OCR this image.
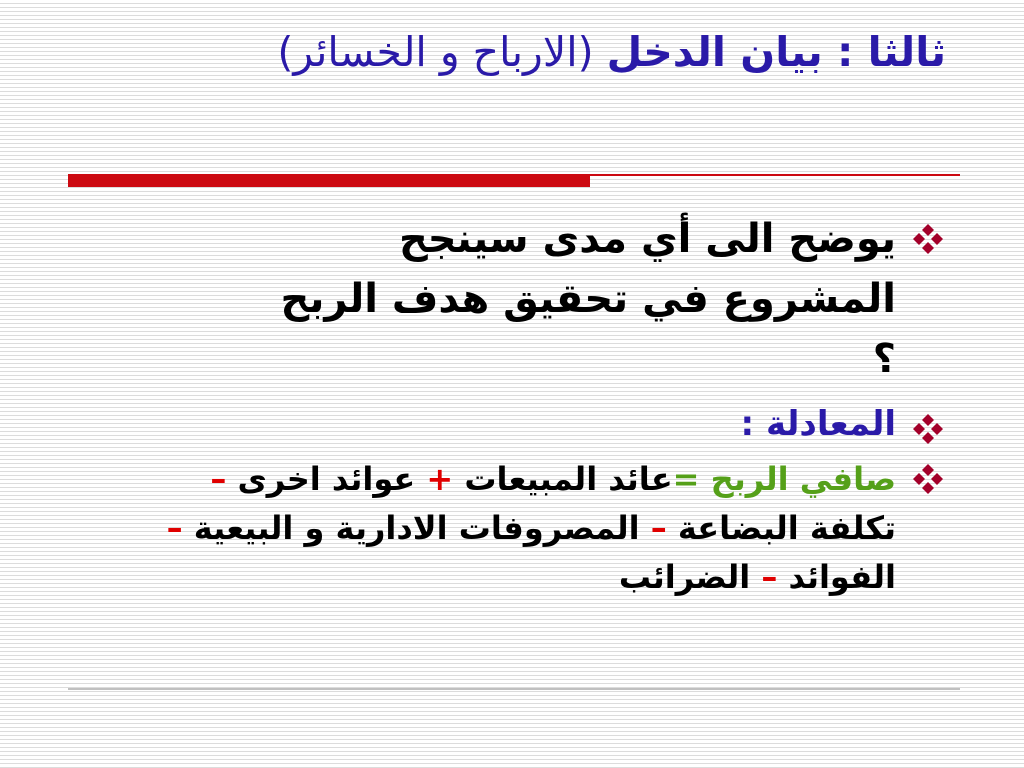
ثالثا : بيان الدخل (الارباح و الخسائر)
يوضح الى أي مدى سينجح المشروع في تحقيق هدف الربح ؟
المعادلة :
صافي الربح =عائد المبيعات + عوائد اخرى – تكلفة البضاعة – المصروفات الادارية و البيعية – الفوائد – الضرائب
